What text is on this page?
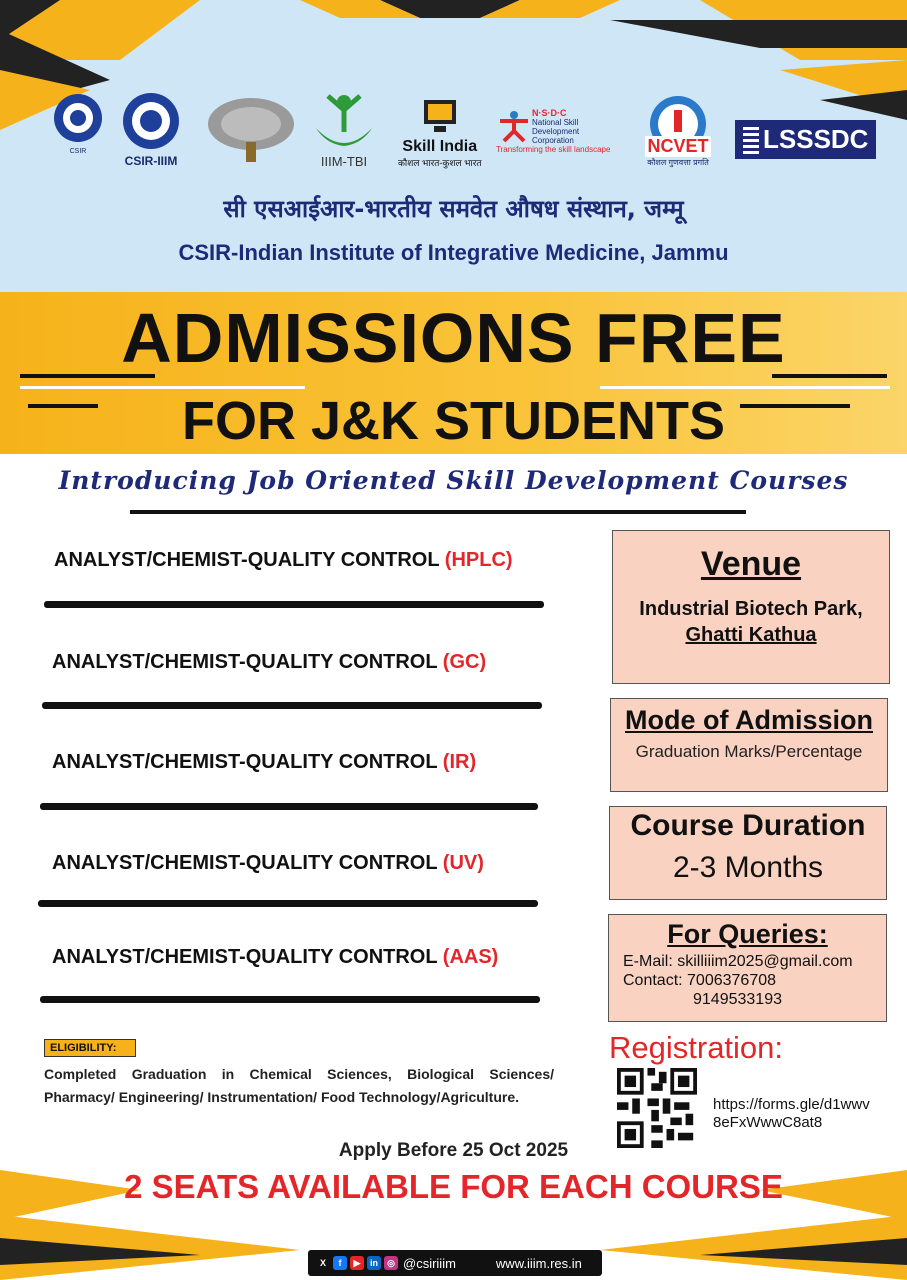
CSIR
CSIR-IIIM	IIIM-TBI
Skill India
कौशल भारत-कुशल भारत
N·S·D·C
National Skill Development Corporation
Transforming the skill landscape NCVET
कौशल गुणवत्ता प्रगति
LSSSDC
सी एसआईआर-भारतीय समवेत औषध संस्थान, जम्मू
CSIR-Indian Institute of Integrative Medicine, Jammu
ADMISSIONS FREE
FOR J&K STUDENTS
Introducing Job Oriented Skill Development Courses
ANALYST/CHEMIST-QUALITY CONTROL (HPLC)
ANALYST/CHEMIST-QUALITY CONTROL (GC)
ANALYST/CHEMIST-QUALITY CONTROL (IR)
ANALYST/CHEMIST-QUALITY CONTROL (UV)
ANALYST/CHEMIST-QUALITY CONTROL (AAS)
Venue
Industrial Biotech Park,
Ghatti Kathua
Mode of Admission
Graduation Marks/Percentage
Course Duration
2-3 Months
For Queries:
E-Mail: skilliiim2025@gmail.com
Contact: 7006376708
9149533193
ELIGIBILITY:
Completed Graduation in Chemical Sciences, Biological Sciences/ Pharmacy/ Engineering/ Instrumentation/ Food Technology/Agriculture.
Registration:
https://forms.gle/d1wwv
8eFxWwwC8at8
Apply Before 25 Oct 2025
2 SEATS AVAILABLE FOR EACH COURSE
X	f	▶	in	◎ @csiriiim	www.iiim.res.in
